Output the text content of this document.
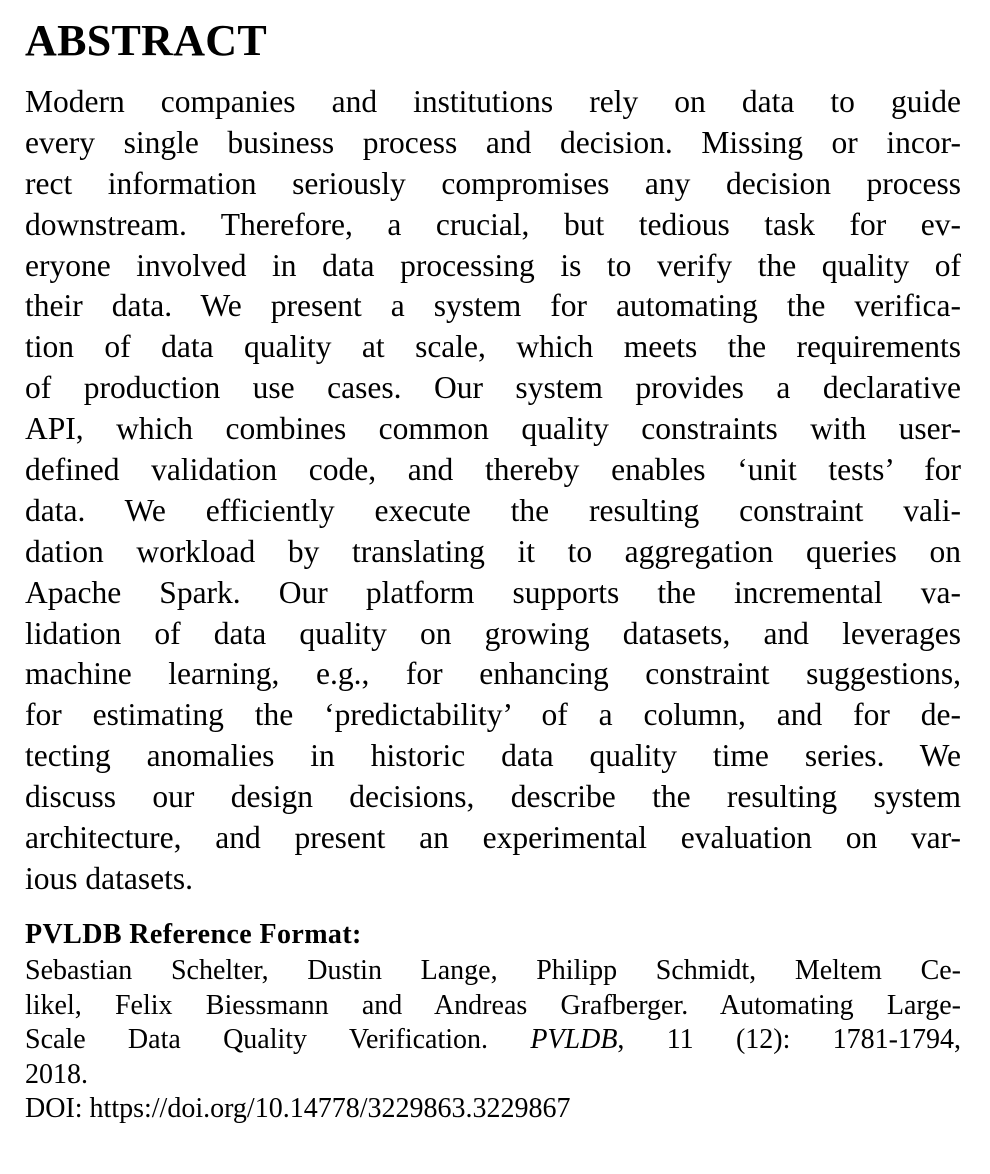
ABSTRACT
Modern companies and institutions rely on data to guide
every single business process and decision. Missing or incor-
rect information seriously compromises any decision process
downstream. Therefore, a crucial, but tedious task for ev-
eryone involved in data processing is to verify the quality of
their data. We present a system for automating the verifica-
tion of data quality at scale, which meets the requirements
of production use cases. Our system provides a declarative
API, which combines common quality constraints with user-
defined validation code, and thereby enables ‘unit tests’ for
data. We efficiently execute the resulting constraint vali-
dation workload by translating it to aggregation queries on
Apache Spark. Our platform supports the incremental va-
lidation of data quality on growing datasets, and leverages
machine learning, e.g., for enhancing constraint suggestions,
for estimating the ‘predictability’ of a column, and for de-
tecting anomalies in historic data quality time series. We
discuss our design decisions, describe the resulting system
architecture, and present an experimental evaluation on var-
ious datasets.
PVLDB Reference Format:
Sebastian Schelter, Dustin Lange, Philipp Schmidt, Meltem Ce-
likel, Felix Biessmann and Andreas Grafberger. Automating Large-
Scale Data Quality Verification. PVLDB, 11 (12): 1781-1794,
2018.
DOI: https://doi.org/10.14778/3229863.3229867
